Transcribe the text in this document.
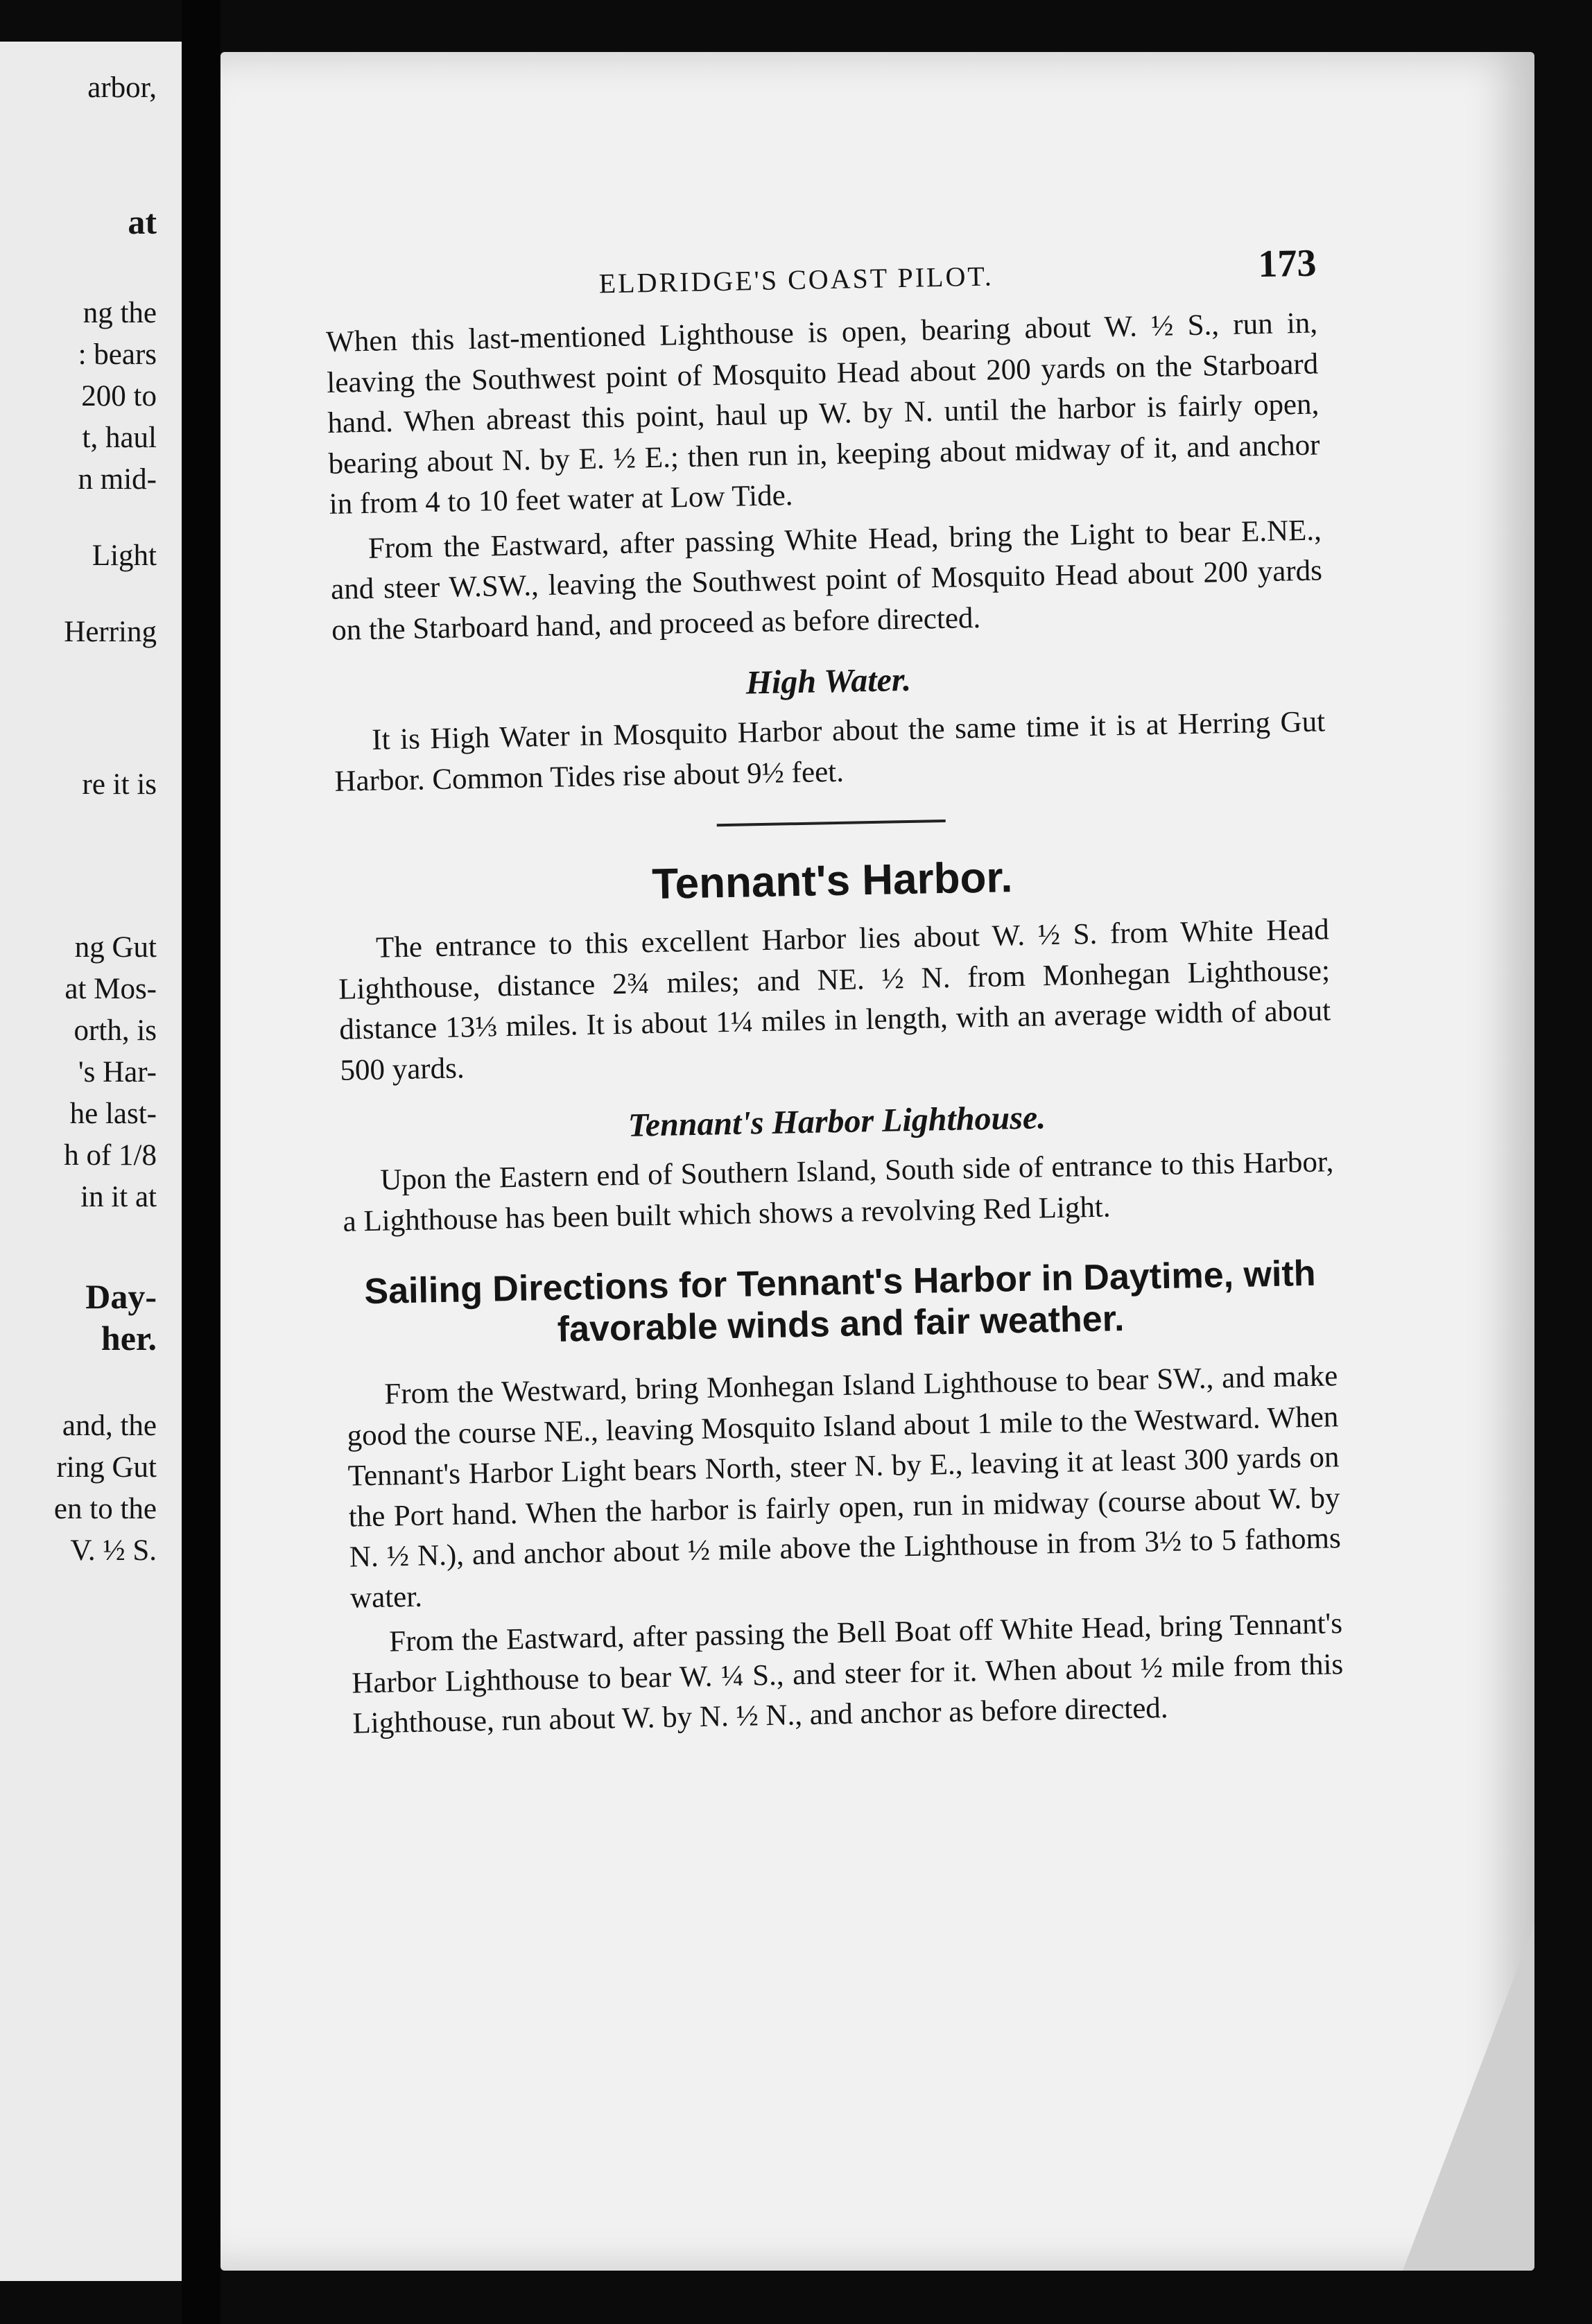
arbor,
at
ng the
: bears
200 to
t, haul
n mid-
Light
Herring
re it is
ng Gut
at Mos-
orth, is
's Har-
he last-
h of 1/8
in it at
Day-
her.
and, the
ring Gut
en to the
V. ½ S.
ELDRIDGE'S COAST PILOT.	173

When this last-mentioned Lighthouse is open, bearing about W. ½ S., run in, leaving the Southwest point of Mosquito Head about 200 yards on the Starboard hand. When abreast this point, haul up W. by N. until the harbor is fairly open, bearing about N. by E. ½ E.; then run in, keeping about midway of it, and anchor in from 4 to 10 feet water at Low Tide.

From the Eastward, after passing White Head, bring the Light to bear E.NE., and steer W.SW., leaving the Southwest point of Mosquito Head about 200 yards on the Starboard hand, and proceed as before directed.

High Water.

It is High Water in Mosquito Harbor about the same time it is at Herring Gut Harbor. Common Tides rise about 9½ feet.

Tennant's Harbor.

The entrance to this excellent Harbor lies about W. ½ S. from White Head Lighthouse, distance 2¾ miles; and NE. ½ N. from Monhegan Lighthouse; distance 13⅓ miles. It is about 1¼ miles in length, with an average width of about 500 yards.

Tennant's Harbor Lighthouse.

Upon the Eastern end of Southern Island, South side of entrance to this Harbor, a Lighthouse has been built which shows a revolving Red Light.

Sailing Directions for Tennant's Harbor in Daytime, with favorable winds and fair weather.

From the Westward, bring Monhegan Island Lighthouse to bear SW., and make good the course NE., leaving Mosquito Island about 1 mile to the Westward. When Tennant's Harbor Light bears North, steer N. by E., leaving it at least 300 yards on the Port hand. When the harbor is fairly open, run in midway (course about W. by N. ½ N.), and anchor about ½ mile above the Lighthouse in from 3½ to 5 fathoms water.

From the Eastward, after passing the Bell Boat off White Head, bring Tennant's Harbor Lighthouse to bear W. ¼ S., and steer for it. When about ½ mile from this Lighthouse, run about W. by N. ½ N., and anchor as before directed.
